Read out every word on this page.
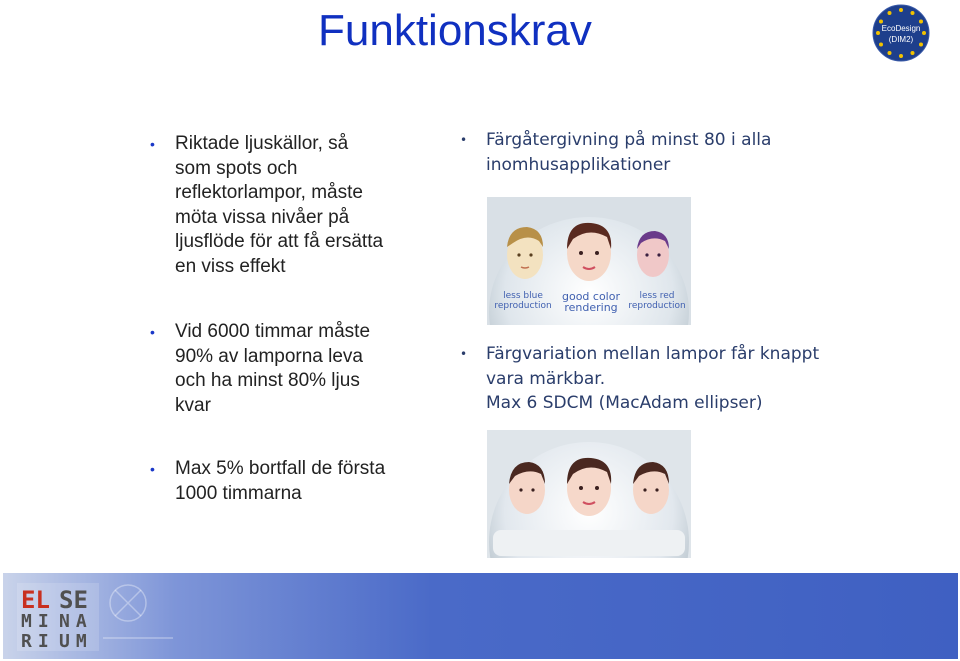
Funktionskrav	EcoDesign
(DIM2)
• Riktade ljuskällor, så
som spots och
reflektorlampor, måste
möta vissa nivåer på
ljusflöde för att få ersätta
en viss effekt
• Vid 6000 timmar måste
90% av lamporna leva
och ha minst 80% ljus
kvar
• Max 5% bortfall de första
1000 timmarna
• Färgåtergivning på minst 80 i alla
inomhusapplikationer
• Färgvariation mellan lampor får knappt
vara märkbar.
Max 6 SDCM (MacAdam ellipser)
less blue
reproduction
good color
rendering
less red
reproduction
EL SE
MI NA
RI UM
